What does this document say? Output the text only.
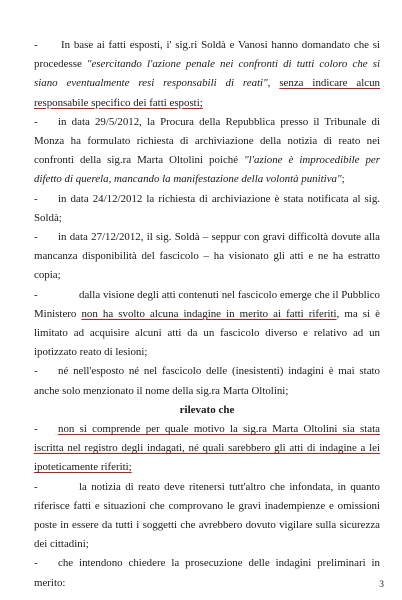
-	In base ai fatti esposti, i' sig.ri Soldà e Vanosi hanno domandato che si procedesse "esercitando l'azione penale nei confronti di tutti coloro che si siano eventualmente resi responsabili di reati", senza indicare alcun responsabile specifico dei fatti esposti;

-	in data 29/5/2012, la Procura della Repubblica presso il Tribunale di Monza ha formulato richiesta di archiviazione della notizia di reato nei confronti della sig.ra Marta Oltolini poiché "l'azione è improcedibile per difetto di querela, mancando la manifestazione della volontà punitiva";

-	in data 24/12/2012 la richiesta di archiviazione è stata notificata al sig. Soldà;

-	in data 27/12/2012, il sig. Soldà – seppur con gravi difficoltà dovute alla mancanza disponibilità del fascicolo – ha visionato gli atti e ne ha estratto copia;

-	dalla visione degli atti contenuti nel fascicolo emerge che il Pubblico Ministero non ha svolto alcuna indagine in merito ai fatti riferiti, ma si è limitato ad acquisire alcuni atti da un fascicolo diverso e relativo ad un ipotizzato reato di lesioni;

-	né nell'esposto né nel fascicolo delle (inesistenti) indagini è mai stato anche solo menzionato il nome della sig.ra Marta Oltolini;

rilevato che

-	non si comprende per quale motivo la sig.ra Marta Oltolini sia stata iscritta nel registro degli indagati, né quali sarebbero gli atti di indagine a lei ipoteticamente riferiti;

-	la notizia di reato deve ritenersi tutt'altro che infondata, in quanto riferisce fatti e situazioni che comprovano le gravi inadempienze e omissioni poste in essere da tutti i soggetti che avrebbero dovuto vigilare sulla sicurezza dei cittadini;

-	che intendono chiedere la prosecuzione delle indagini preliminari in merito:	3
